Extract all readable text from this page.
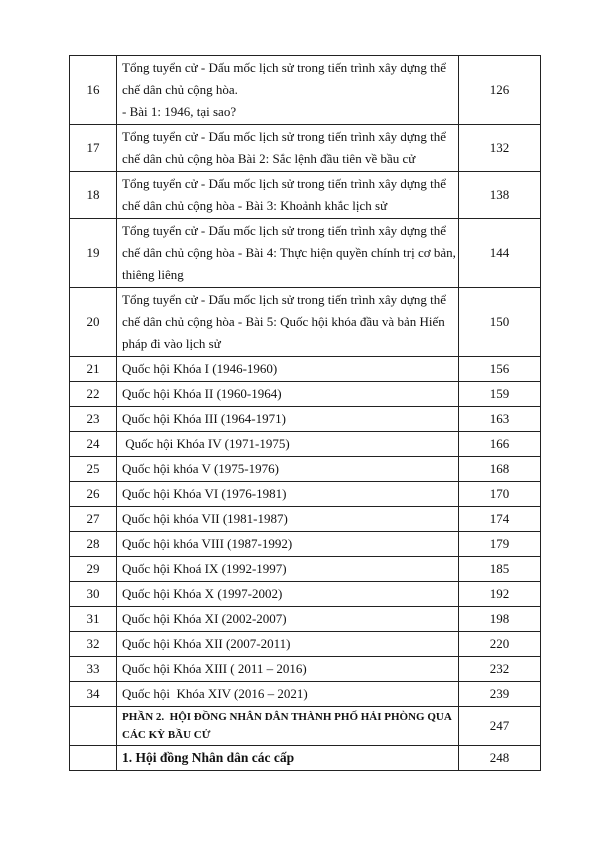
16	Tổng tuyển cử - Dấu mốc lịch sử trong tiến trình xây dựng thể
chế dân chủ cộng hòa.
- Bài 1: 1946, tại sao?	126
17	Tổng tuyển cử - Dấu mốc lịch sử trong tiến trình xây dựng thể
chế dân chủ cộng hòa Bài 2: Sắc lệnh đầu tiên về bầu cử	132
18	Tổng tuyển cử - Dấu mốc lịch sử trong tiến trình xây dựng thể
chế dân chủ cộng hòa - Bài 3: Khoảnh khắc lịch sử	138
19	Tổng tuyển cử - Dấu mốc lịch sử trong tiến trình xây dựng thể
chế dân chủ cộng hòa - Bài 4: Thực hiện quyền chính trị cơ bản,
thiêng liêng	144
20	Tổng tuyển cử - Dấu mốc lịch sử trong tiến trình xây dựng thể
chế dân chủ cộng hòa - Bài 5: Quốc hội khóa đầu và bản Hiến
pháp đi vào lịch sử	150
21	Quốc hội Khóa I (1946-1960)	156
22	Quốc hội Khóa II (1960-1964)	159
23	Quốc hội Khóa III (1964-1971)	163
24	Quốc hội Khóa IV (1971-1975)	166
25	Quốc hội khóa V (1975-1976)	168
26	Quốc hội Khóa VI (1976-1981)	170
27	Quốc hội khóa VII (1981-1987)	174
28	Quốc hội khóa VIII (1987-1992)	179
29	Quốc hội Khoá IX (1992-1997)	185
30	Quốc hội Khóa X (1997-2002)	192
31	Quốc hội Khóa XI (2002-2007)	198
32	Quốc hội Khóa XII (2007-2011)	220
33	Quốc hội Khóa XIII ( 2011 – 2016)	232
34	Quốc hội  Khóa XIV (2016 – 2021)	239

	PHẦN 2.  HỘI ĐỒNG NHÂN DÂN THÀNH PHỐ HẢI PHÒNG QUA
CÁC KỲ BẦU CỬ	247
	1. Hội đồng Nhân dân các cấp	248
